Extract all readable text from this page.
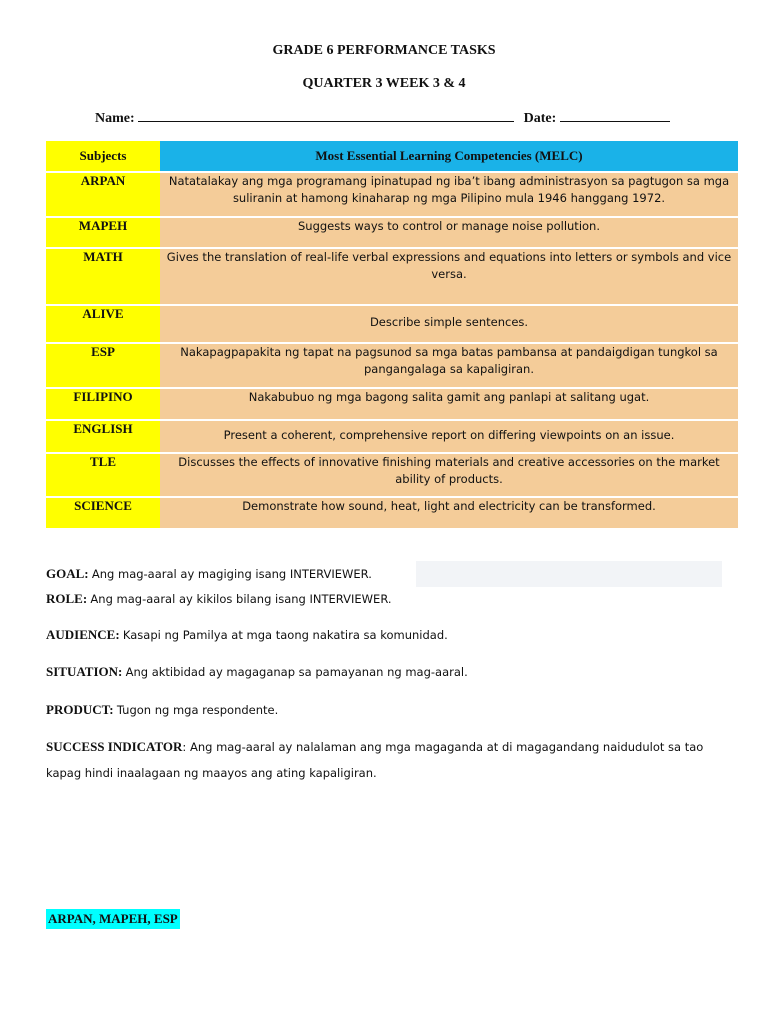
GRADE 6 PERFORMANCE TASKS
QUARTER 3 WEEK 3 & 4
Name:	Date:
Subjects	Most Essential Learning Competencies (MELC)
ARPAN	Natatalakay ang mga programang ipinatupad ng iba’t ibang administrasyon sa pagtugon sa mga suliranin at hamong kinaharap ng mga Pilipino mula 1946 hanggang 1972.
MAPEH	Suggests ways to control or manage noise pollution.
MATH	Gives the translation of real-life verbal expressions and equations into letters or symbols and vice versa.
ALIVE	Describe simple sentences.
ESP	Nakapagpapakita ng tapat na pagsunod sa mga batas pambansa at pandaigdigan tungkol sa pangangalaga sa kapaligiran.
FILIPINO	Nakabubuo ng mga bagong salita gamit ang panlapi at salitang ugat.
ENGLISH	Present a coherent, comprehensive report on differing viewpoints on an issue.
TLE	Discusses the effects of innovative finishing materials and creative accessories on the market ability of products.
SCIENCE	Demonstrate how sound, heat, light and electricity can be transformed.
GOAL: Ang mag-aaral ay magiging isang INTERVIEWER.
ROLE: Ang mag-aaral ay kikilos bilang isang INTERVIEWER.
AUDIENCE: Kasapi ng Pamilya at mga taong nakatira sa komunidad.
SITUATION: Ang aktibidad ay magaganap sa pamayanan ng mag-aaral.
PRODUCT: Tugon ng mga respondente.
SUCCESS INDICATOR: Ang mag-aaral ay nalalaman ang mga magaganda at di magagandang naidudulot sa tao kapag hindi inaalagaan ng maayos ang ating kapaligiran.
ARPAN, MAPEH, ESP
